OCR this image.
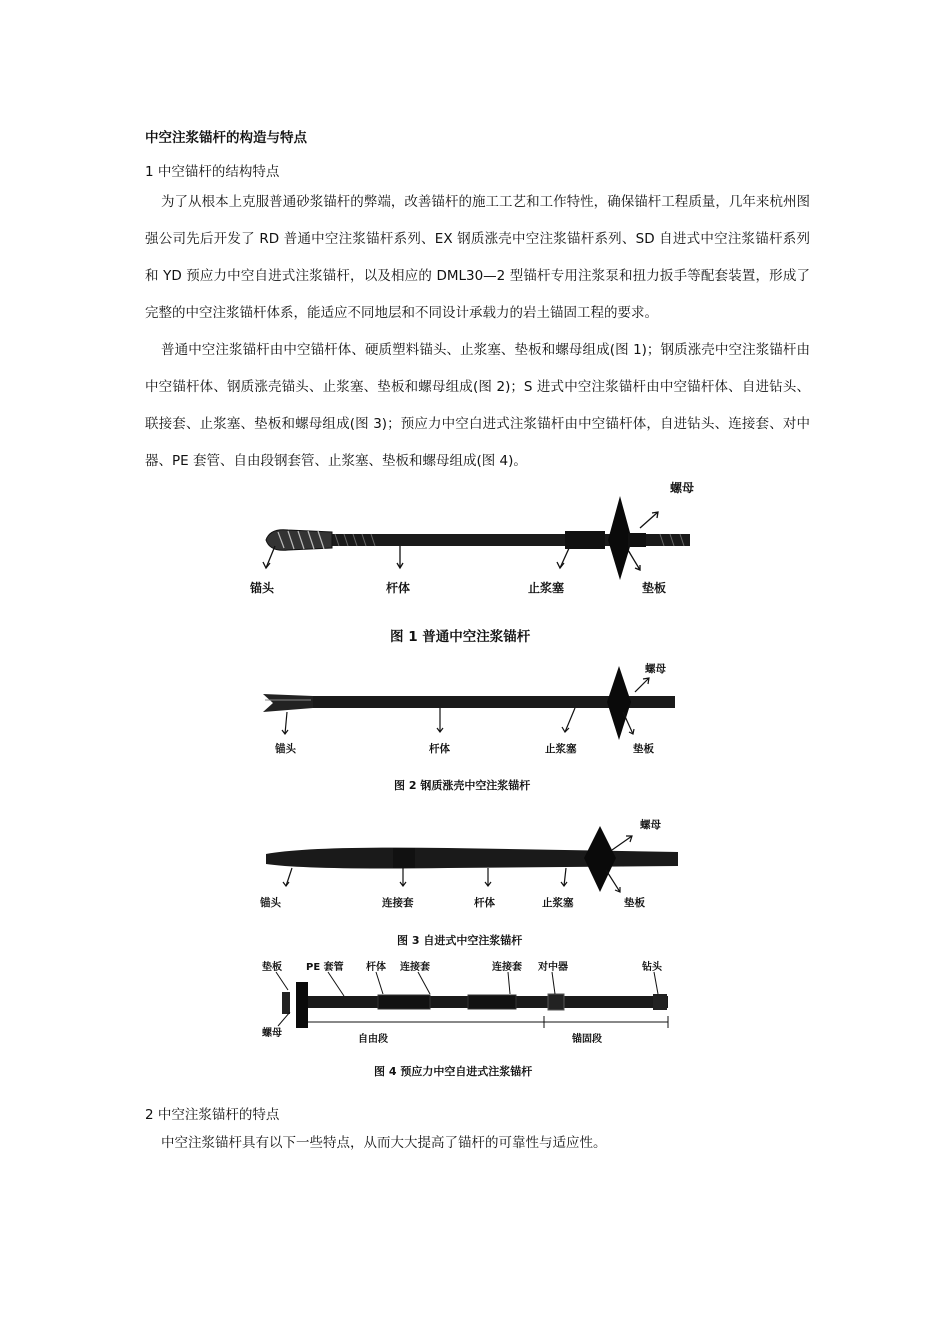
中空注浆锚杆的构造与特点
1 中空锚杆的结构特点
为了从根本上克服普通砂浆锚杆的弊端，改善锚杆的施工工艺和工作特性，确保锚杆工程质量，几年来杭州图强公司先后开发了 RD 普通中空注浆锚杆系列、EX 钢质涨壳中空注浆锚杆系列、SD 自进式中空注浆锚杆系列和 YD 预应力中空自进式注浆锚杆，以及相应的 DML30—2 型锚杆专用注浆泵和扭力扳手等配套装置，形成了完整的中空注浆锚杆体系，能适应不同地层和不同设计承载力的岩土锚固工程的要求。
普通中空注浆锚杆由中空锚杆体、硬质塑料锚头、止浆塞、垫板和螺母组成(图 1)；钢质涨壳中空注浆锚杆由中空锚杆体、钢质涨壳锚头、止浆塞、垫板和螺母组成(图 2)；S 进式中空注浆锚杆由中空锚杆体、自进钻头、联接套、止浆塞、垫板和螺母组成(图 3)；预应力中空白进式注浆锚杆由中空锚杆体，自进钻头、连接套、对中器、PE 套管、自由段钢套管、止浆塞、垫板和螺母组成(图 4)。
螺母
锚头	杆体	止浆塞	垫板
图 1 普通中空注浆锚杆
螺母
锚头	杆体	止浆塞	垫板
图 2 钢质涨壳中空注浆锚杆
螺母
锚头	连接套	杆体	止浆塞	垫板
图 3 自进式中空注浆锚杆
垫板 PE 套管 杆体 连接套	连接套 对中器	钻头
螺母
自由段	锚固段
图 4 预应力中空自进式注浆锚杆
2 中空注浆锚杆的特点
中空注浆锚杆具有以下一些特点，从而大大提高了锚杆的可靠性与适应性。
